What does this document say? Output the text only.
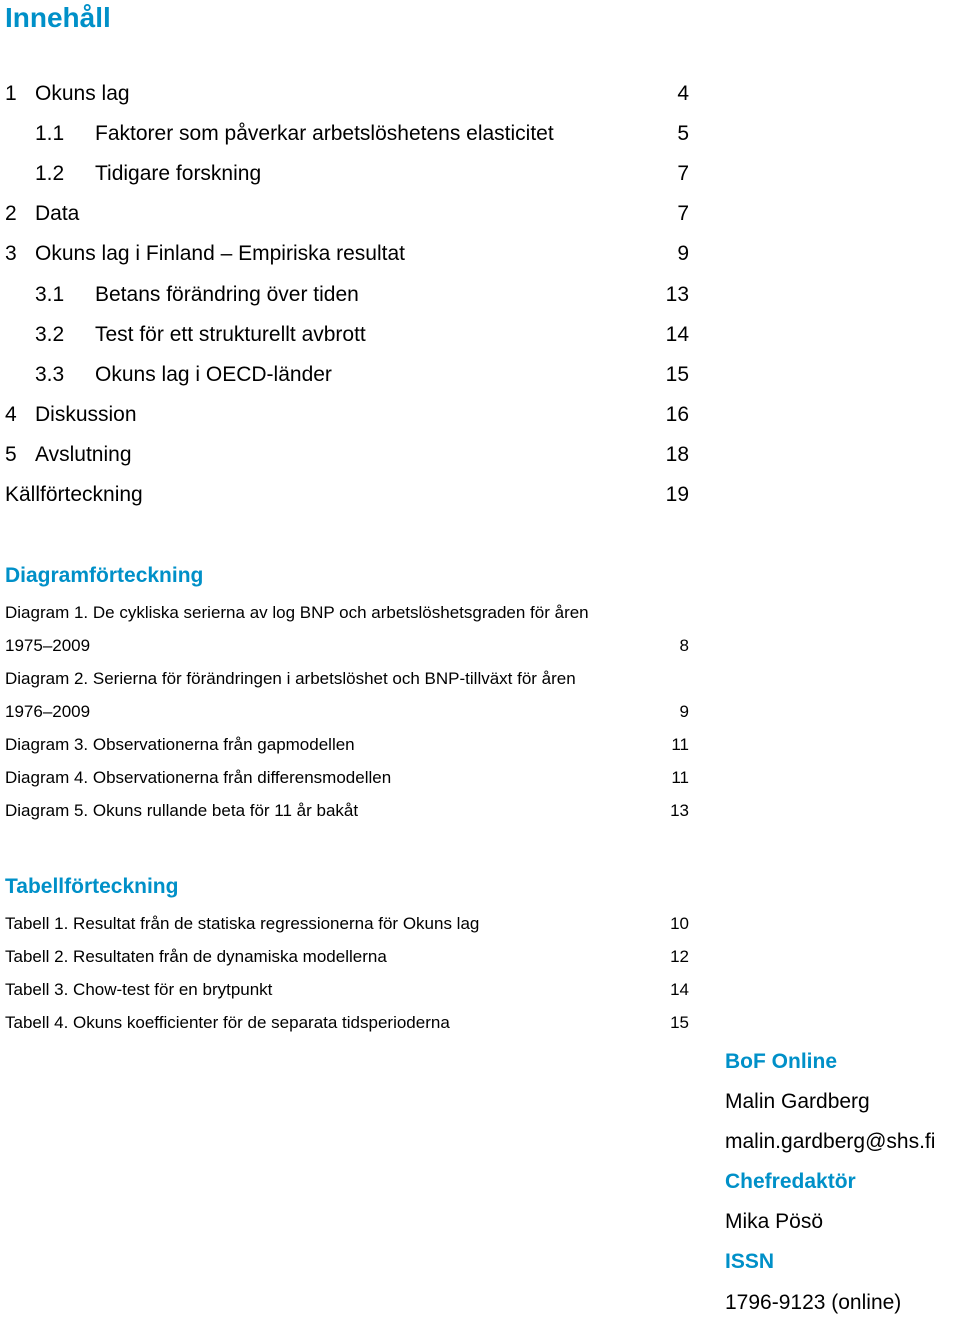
Innehåll
1 Okuns lag	4
1.1	Faktorer som påverkar arbetslöshetens elasticitet	5
1.2	Tidigare forskning	7
2 Data	7
3 Okuns lag i Finland – Empiriska resultat	9
3.1	Betans förändring över tiden	13
3.2	Test för ett strukturellt avbrott	14
3.3	Okuns lag i OECD-länder	15
4 Diskussion	16
5 Avslutning	18
Källförteckning	19
Diagramförteckning
Diagram 1. De cykliska serierna av log BNP och arbetslöshetsgraden för åren
1975–2009	8
Diagram 2. Serierna för förändringen i arbetslöshet och BNP-tillväxt för åren
1976–2009	9
Diagram 3. Observationerna från gapmodellen	11
Diagram 4. Observationerna från differensmodellen	11
Diagram 5. Okuns rullande beta för 11 år bakåt	13
Tabellförteckning
Tabell 1. Resultat från de statiska regressionerna för Okuns lag	10
Tabell 2. Resultaten från de dynamiska modellerna	12
Tabell 3. Chow-test för en brytpunkt	14
Tabell 4. Okuns koefficienter för de separata tidsperioderna	15
BoF Online
Malin Gardberg
malin.gardberg@shs.fi
Chefredaktör
Mika Pösö
ISSN
1796-9123 (online)
